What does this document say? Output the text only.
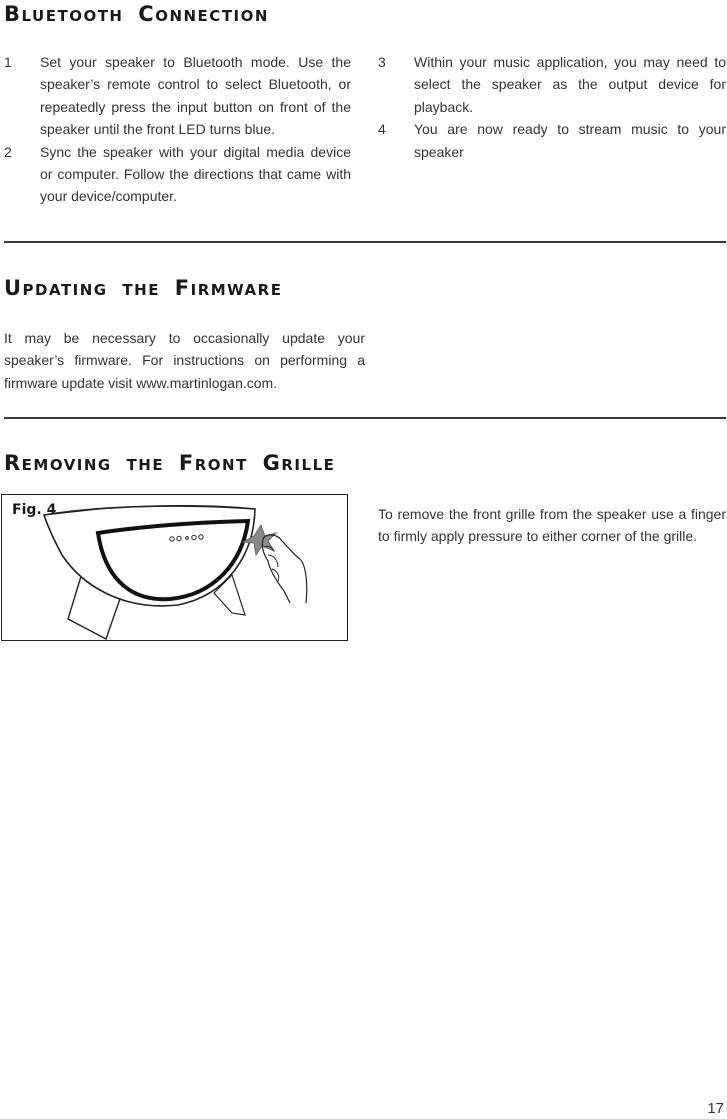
Bluetooth Connection
1 Set your speaker to Bluetooth mode. Use the speaker’s remote control to select Bluetooth, or repeatedly press the input button on front of the speaker until the front LED turns blue.
2 Sync the speaker with your digital media device or computer. Follow the directions that came with your device/computer.
3 Within your music application, you may need to select the speaker as the output device for playback.
4 You are now ready to stream music to your speaker
Updating the Firmware

It may be necessary to occasionally update your speaker’s firmware. For instructions on performing a firmware update visit www.martinlogan.com.

Removing the Front Grille
Fig. 4	To remove the front grille from the speaker use a finger to firmly apply pressure to either corner of the grille.

17
